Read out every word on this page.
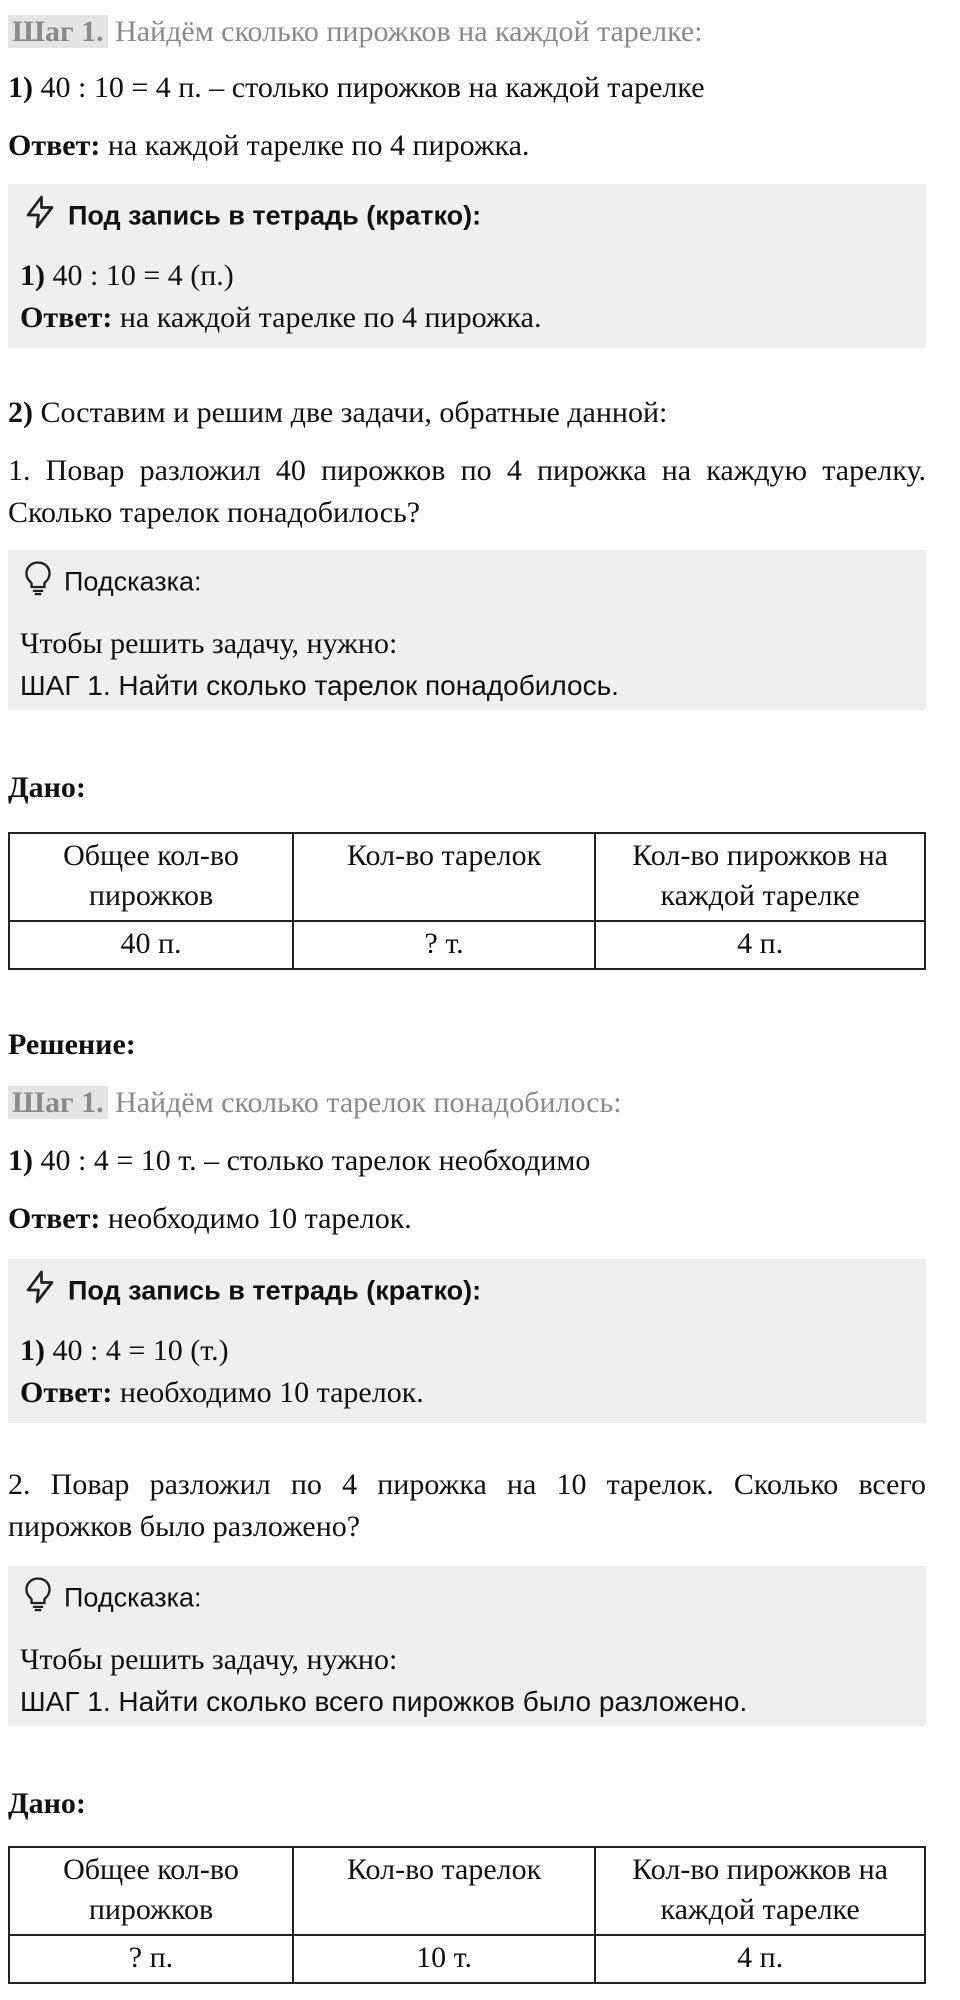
Шаг 1. Найдём сколько пирожков на каждой тарелке:
1) 40 : 10 = 4 п. – столько пирожков на каждой тарелке
Ответ: на каждой тарелке по 4 пирожка.
Под запись в тетрадь (кратко):
1) 40 : 10 = 4 (п.)
Ответ: на каждой тарелке по 4 пирожка.
2) Составим и решим две задачи, обратные данной:
1. Повар разложил 40 пирожков по 4 пирожка на каждую тарелку. Сколько тарелок понадобилось?
Подсказка:
Чтобы решить задачу, нужно:
ШАГ 1. Найти сколько тарелок понадобилось.
Дано:
Общее кол-во пирожков	Кол-во тарелок	Кол-во пирожков на каждой тарелке
40 п.	? т.	4 п.
Решение:
Шаг 1. Найдём сколько тарелок понадобилось:
1) 40 : 4 = 10 т. – столько тарелок необходимо
Ответ: необходимо 10 тарелок.
Под запись в тетрадь (кратко):
1) 40 : 4 = 10 (т.)
Ответ: необходимо 10 тарелок.
2. Повар разложил по 4 пирожка на 10 тарелок. Сколько всего пирожков было разложено?
Подсказка:
Чтобы решить задачу, нужно:
ШАГ 1. Найти сколько всего пирожков было разложено.
Дано:
Общее кол-во пирожков	Кол-во тарелок	Кол-во пирожков на каждой тарелке
? п.	10 т.	4 п.
